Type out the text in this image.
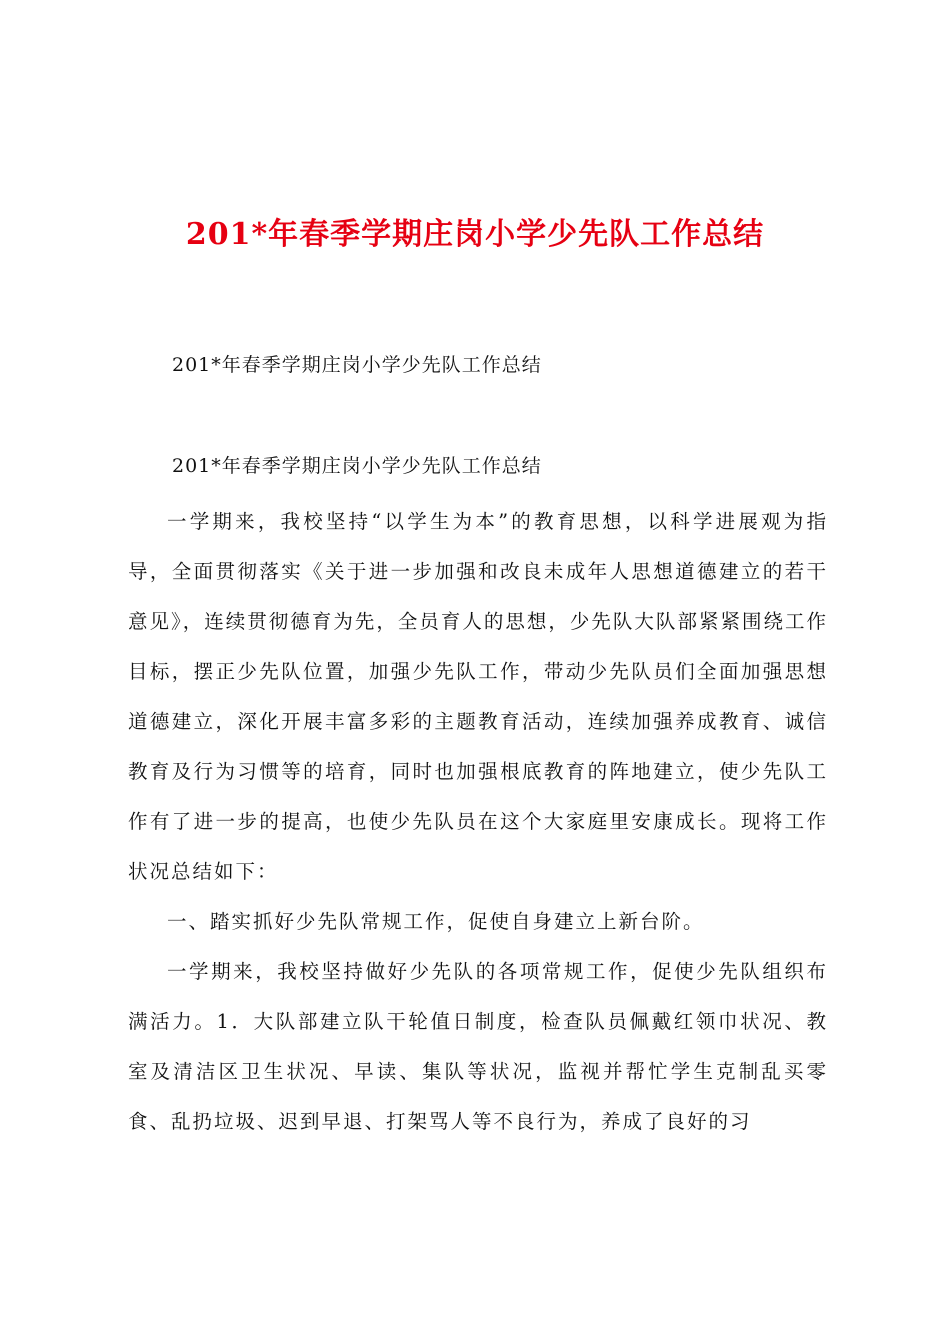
201*年春季学期庄岗小学少先队工作总结
201*年春季学期庄岗小学少先队工作总结
201*年春季学期庄岗小学少先队工作总结

一学期来，我校坚持“以学生为本”的教育思想，以科学进展观为指导，全面贯彻落实《关于进一步加强和改良未成年人思想道德建立的若干意见》，连续贯彻德育为先，全员育人的思想，少先队大队部紧紧围绕工作目标，摆正少先队位置，加强少先队工作，带动少先队员们全面加强思想道德建立，深化开展丰富多彩的主题教育活动，连续加强养成教育、诚信教育及行为习惯等的培育，同时也加强根底教育的阵地建立，使少先队工作有了进一步的提高，也使少先队员在这个大家庭里安康成长。现将工作状况总结如下：

一、踏实抓好少先队常规工作，促使自身建立上新台阶。

一学期来，我校坚持做好少先队的各项常规工作，促使少先队组织布满活力。1．大队部建立队干轮值日制度，检查队员佩戴红领巾状况、教室及清洁区卫生状况、早读、集队等状况，监视并帮忙学生克制乱买零食、乱扔垃圾、迟到早退、打架骂人等不良行为，养成了良好的习
